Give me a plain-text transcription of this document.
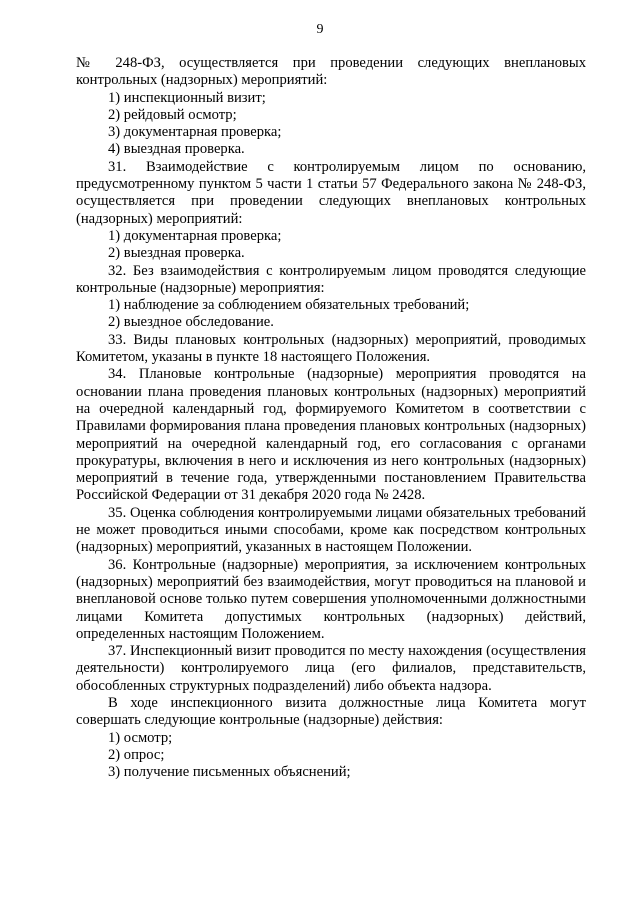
9

№ 248-ФЗ, осуществляется при проведении следующих внеплановых контрольных (надзорных) мероприятий:

1) инспекционный визит;

2) рейдовый осмотр;

3) документарная проверка;

4) выездная проверка.

31. Взаимодействие с контролируемым лицом по основанию, предусмотренному пунктом 5 части 1 статьи 57 Федерального закона № 248-ФЗ, осуществляется при проведении следующих внеплановых контрольных (надзорных) мероприятий:

1) документарная проверка;

2) выездная проверка.

32. Без взаимодействия с контролируемым лицом проводятся следующие контрольные (надзорные) мероприятия:

1) наблюдение за соблюдением обязательных требований;

2) выездное обследование.

33. Виды плановых контрольных (надзорных) мероприятий, проводимых Комитетом, указаны в пункте 18 настоящего Положения.

34. Плановые контрольные (надзорные) мероприятия проводятся на основании плана проведения плановых контрольных (надзорных) мероприятий на очередной календарный год, формируемого Комитетом в соответствии с Правилами формирования плана проведения плановых контрольных (надзорных) мероприятий на очередной календарный год, его согласования с органами прокуратуры, включения в него и исключения из него контрольных (надзорных) мероприятий в течение года, утвержденными постановлением Правительства Российской Федерации от 31 декабря 2020 года № 2428.

35. Оценка соблюдения контролируемыми лицами обязательных требований не может проводиться иными способами, кроме как посредством контрольных (надзорных) мероприятий, указанных в настоящем Положении.

36. Контрольные (надзорные) мероприятия, за исключением контрольных (надзорных) мероприятий без взаимодействия, могут проводиться на плановой и внеплановой основе только путем совершения уполномоченными должностными лицами Комитета допустимых контрольных (надзорных) действий, определенных настоящим Положением.

37. Инспекционный визит проводится по месту нахождения (осуществления деятельности) контролируемого лица (его филиалов, представительств, обособленных структурных подразделений) либо объекта надзора.

В ходе инспекционного визита должностные лица Комитета могут совершать следующие контрольные (надзорные) действия:

1) осмотр;

2) опрос;

3) получение письменных объяснений;
